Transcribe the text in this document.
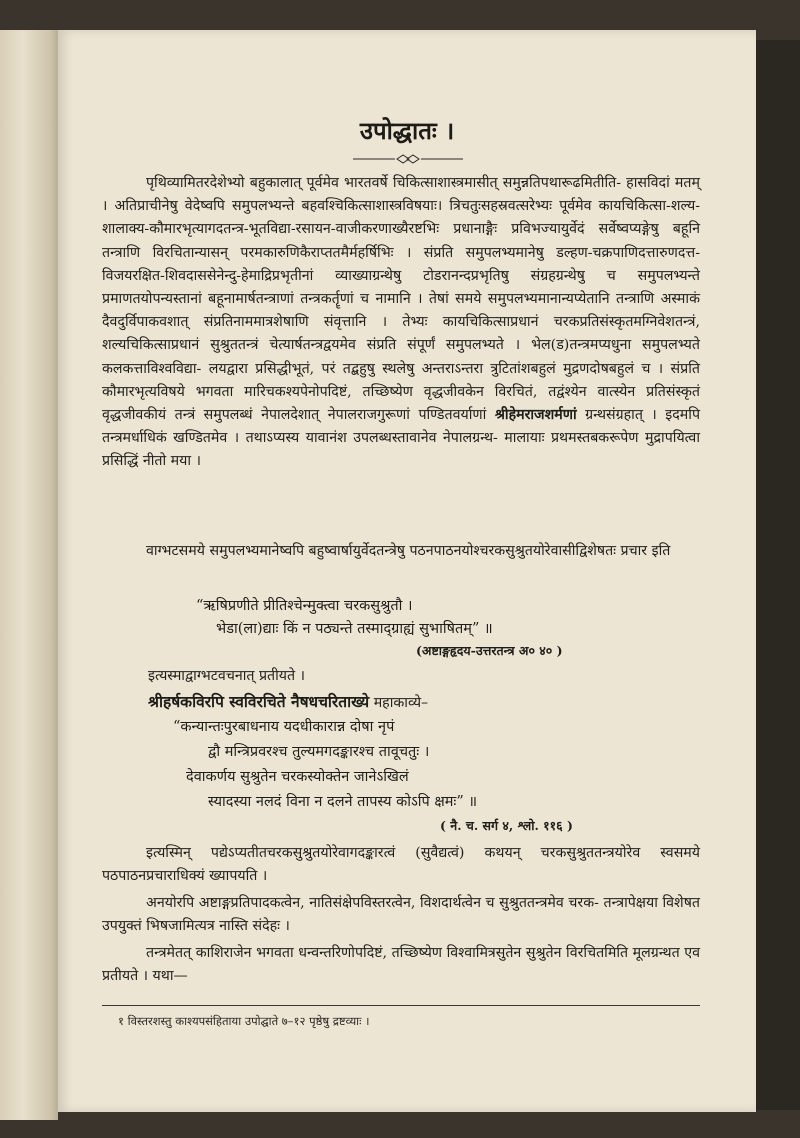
उपोद्धातः ।

पृथिव्यामितरदेशेभ्यो बहुकालात् पूर्वमेव भारतवर्षे चिकित्साशास्त्रमासीत् समुन्नतिपथारूढमितीति- हासविदां मतम् । अतिप्राचीनेषु वेदेष्वपि समुपलभ्यन्ते बहवश्चिकित्साशास्त्रविषयाः। त्रिचतुःसहस्रवत्सरेभ्यः पूर्वमेव कायचिकित्सा-शल्य-शालाक्य-कौमारभृत्यागदतन्त्र-भूतविद्या-रसायन-वाजीकरणाख्यैरष्टभिः प्रधानाङ्गैः प्रविभज्यायुर्वेदं सर्वेष्वप्यङ्गेषु बहूनि तन्त्राणि विरचितान्यासन् परमकारुणिकैराप्ततमैर्महर्षिभिः । संप्रति समुपलभ्यमानेषु डल्हण-चक्रपाणिदत्तारुणदत्त-विजयरक्षित-शिवदाससेनेन्दु-हेमाद्रिप्रभृतीनां व्याख्याग्रन्थेषु टोडरानन्दप्रभृतिषु संग्रहग्रन्थेषु च समुपलभ्यन्ते प्रमाणतयोपन्यस्तानां बहूनामार्षतन्त्राणां तन्त्रकर्तॄणां च नामानि । तेषां समये समुपलभ्यमानान्यप्येतानि तन्त्राणि अस्माकं दैवदुर्विपाकवशात् संप्रतिनाममात्रशेषाणि संवृत्तानि । तेभ्यः कायचिकित्साप्रधानं चरकप्रतिसंस्कृतमग्निवेशतन्त्रं, शल्यचिकित्साप्रधानं सुश्रुततन्त्रं चेत्यार्षतन्त्रद्वयमेव संप्रति संपूर्णं समुपलभ्यते । भेल(ड)तन्त्रमप्यधुना समुपलभ्यते कलकत्ताविश्वविद्या- लयद्वारा प्रसिद्धीभूतं, परं तद्बहुषु स्थलेषु अन्तराऽन्तरा त्रुटितांशबहुलं मुद्रणदोषबहुलं च । संप्रति कौमारभृत्यविषये भगवता मारिचकश्यपेनोपदिष्टं, तच्छिष्येण वृद्धजीवकेन विरचितं, तद्वंश्येन वात्स्येन प्रतिसंस्कृतं वृद्धजीवकीयं तन्त्रं समुपलब्धं नेपालदेशात् नेपालराजगुरूणां पण्डितवर्याणां श्रीहेमराजशर्मणां ग्रन्थसंग्रहात् । इदमपि तन्त्रमर्धाधिकं खण्डितमेव । तथाऽप्यस्य यावानंश उपलब्धस्तावानेव नेपालग्रन्थ- मालायाः प्रथमस्तबकरूपेण मुद्रापयित्वा प्रसिद्धिं नीतो मया ।

वाग्भटसमये समुपलभ्यमानेष्वपि बहुष्वार्षायुर्वेदतन्त्रेषु पठनपाठनयोश्चरकसुश्रुतयोरेवासीद्विशेषतः प्रचार इति

“ऋषिप्रणीते प्रीतिश्चेन्मुक्त्वा चरकसुश्रुतौ ।
भेडा(ला)द्याः किं न पठ्यन्ते तस्माद्ग्राह्यं सुभाषितम्” ॥
(अष्टाङ्गहृदय-उत्तरतन्त्र अ० ४० )
इत्यस्माद्वाग्भटवचनात् प्रतीयते ।
श्रीहर्षकविरपि स्वविरचिते नैषधचरिताख्ये महाकाव्ये–
“कन्यान्तःपुरबाधनाय यदधीकारान्न दोषा नृपं
द्वौ मन्त्रिप्रवरश्च तुल्यमगदङ्कारश्च तावूचतुः ।
देवाकर्णय सुश्रुतेन चरकस्योक्तेन जानेऽखिलं
स्यादस्या नलदं विना न दलने तापस्य कोऽपि क्षमः” ॥
( नै. च. सर्ग ४, श्लो. ११६ )

इत्यस्मिन् पद्येऽप्यतीतचरकसुश्रुतयोरेवागदङ्कारत्वं (सुवैद्यत्वं) कथयन् चरकसुश्रुततन्त्रयोरेव स्वसमये पठपाठनप्रचाराधिक्यं ख्यापयति ।

अनयोरपि अष्टाङ्गप्रतिपादकत्वेन, नातिसंक्षेपविस्तरत्वेन, विशदार्थत्वेन च सुश्रुततन्त्रमेव चरक- तन्त्रापेक्षया विशेषत उपयुक्तं भिषजामित्यत्र नास्ति संदेहः ।

तन्त्रमेतत् काशिराजेन भगवता धन्वन्तरिणोपदिष्टं, तच्छिष्येण विश्वामित्रसुतेन सुश्रुतेन विरचितमिति मूलग्रन्थत एव प्रतीयते । यथा—

१ विस्तरशस्तु काश्यपसंहिताया उपोद्घाते ७–१२ पृष्ठेषु द्रष्टव्याः ।
